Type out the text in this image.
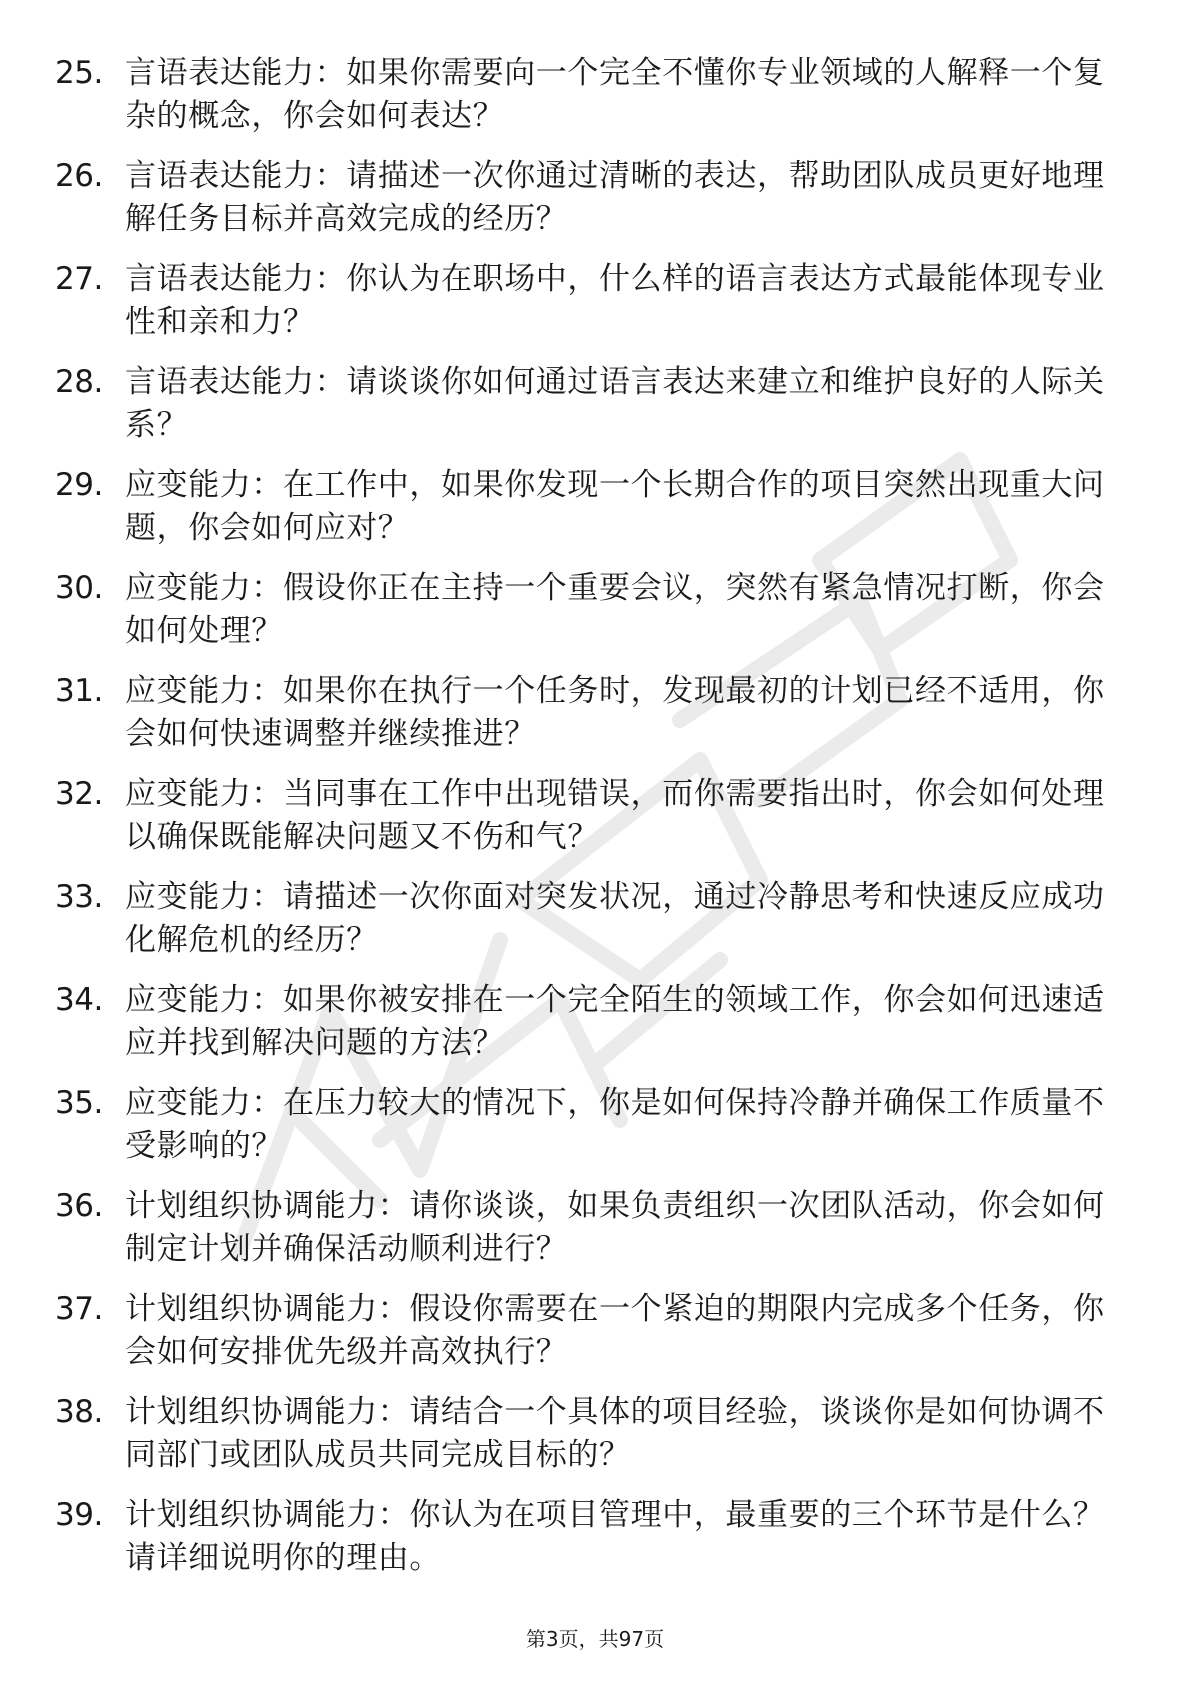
25. 言语表达能力：如果你需要向一个完全不懂你专业领域的人解释一个复杂的概念，你会如何表达？
26. 言语表达能力：请描述一次你通过清晰的表达，帮助团队成员更好地理解任务目标并高效完成的经历？
27. 言语表达能力：你认为在职场中，什么样的语言表达方式最能体现专业性和亲和力？
28. 言语表达能力：请谈谈你如何通过语言表达来建立和维护良好的人际关系？
29. 应变能力：在工作中，如果你发现一个长期合作的项目突然出现重大问题，你会如何应对？
30. 应变能力：假设你正在主持一个重要会议，突然有紧急情况打断，你会如何处理？
31. 应变能力：如果你在执行一个任务时，发现最初的计划已经不适用，你会如何快速调整并继续推进？
32. 应变能力：当同事在工作中出现错误，而你需要指出时，你会如何处理以确保既能解决问题又不伤和气？
33. 应变能力：请描述一次你面对突发状况，通过冷静思考和快速反应成功化解危机的经历？
34. 应变能力：如果你被安排在一个完全陌生的领域工作，你会如何迅速适应并找到解决问题的方法？
35. 应变能力：在压力较大的情况下，你是如何保持冷静并确保工作质量不受影响的？
36. 计划组织协调能力：请你谈谈，如果负责组织一次团队活动，你会如何制定计划并确保活动顺利进行？
37. 计划组织协调能力：假设你需要在一个紧迫的期限内完成多个任务，你会如何安排优先级并高效执行？
38. 计划组织协调能力：请结合一个具体的项目经验，谈谈你是如何协调不同部门或团队成员共同完成目标的？
39. 计划组织协调能力：你认为在项目管理中，最重要的三个环节是什么？请详细说明你的理由。
第3页，共97页
